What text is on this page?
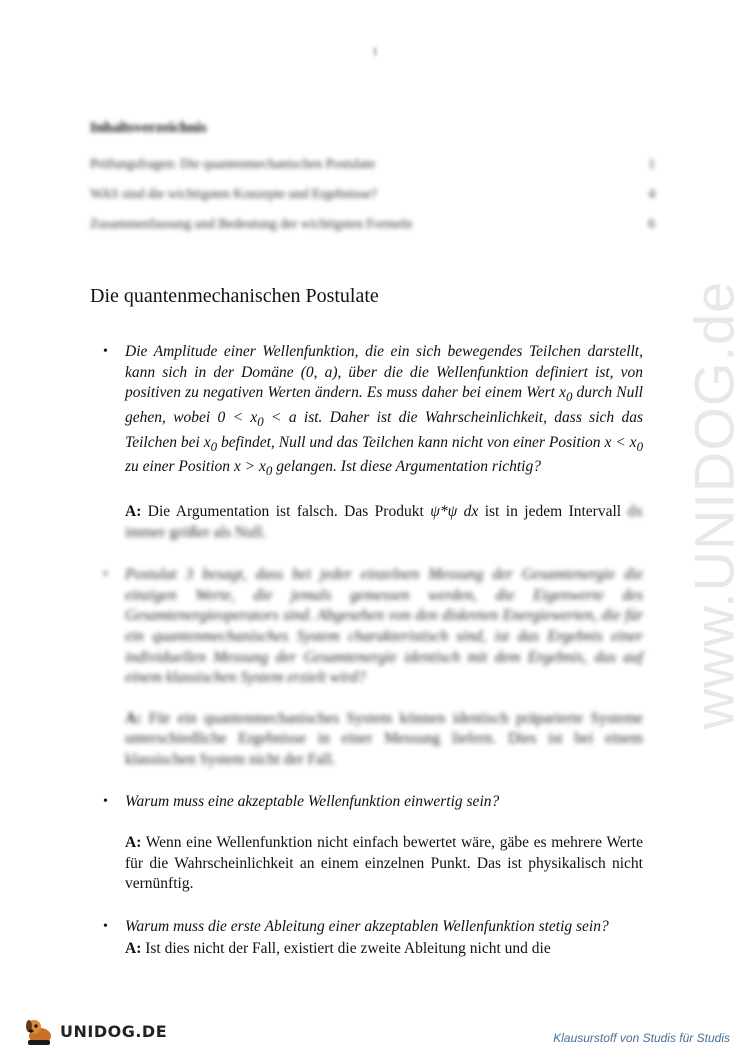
www.UNIDOG.de
1
Inhaltsverzeichnis
Prüfungsfragen: Die quantenmechanischen Postulate	1
WAS sind die wichtigsten Konzepte und Ergebnisse?	4
Zusammenfassung und Bedeutung der wichtigsten Formeln	6
Die quantenmechanischen Postulate
• Die Amplitude einer Wellenfunktion, die ein sich bewegendes Teilchen darstellt, kann sich in der Domäne (0, a), über die die Wellenfunktion definiert ist, von positiven zu negativen Werten ändern. Es muss daher bei einem Wert $x_0$ durch Null gehen, wobei $0 < x_0 < a$ ist. Daher ist die Wahrscheinlichkeit, dass sich das Teilchen bei $x_0$ befindet, Null und das Teilchen kann nicht von einer Position $x < x_0$ zu einer Position $x > x_0$ gelangen. Ist diese Argumentation richtig?
A: Die Argumentation ist falsch. Das Produkt ψ*ψ dx ist in jedem Intervall dx immer größer als Null.
• Postulat 3 besagt, dass bei jeder einzelnen Messung der Gesamtenergie die einzigen Werte, die jemals gemessen werden, die Eigenwerte des Gesamtenergieoperators sind. Abgesehen von den diskreten Energiewerten, die für ein quantenmechanisches System charakteristisch sind, ist das Ergebnis einer individuellen Messung der Gesamtenergie identisch mit dem Ergebnis, das auf einem klassischen System erzielt wird?
A: Für ein quantenmechanisches System können identisch präparierte Systeme unterschiedliche Ergebnisse in einer Messung liefern. Dies ist bei einem klassischen System nicht der Fall.
• Warum muss eine akzeptable Wellenfunktion einwertig sein?
A: Wenn eine Wellenfunktion nicht einfach bewertet wäre, gäbe es mehrere Werte für die Wahrscheinlichkeit an einem einzelnen Punkt. Das ist physikalisch nicht vernünftig.
• Warum muss die erste Ableitung einer akzeptablen Wellenfunktion stetig sein?
A: Ist dies nicht der Fall, existiert die zweite Ableitung nicht und die
UNIDOG.DE	Klausurstoff von Studis für Studis
